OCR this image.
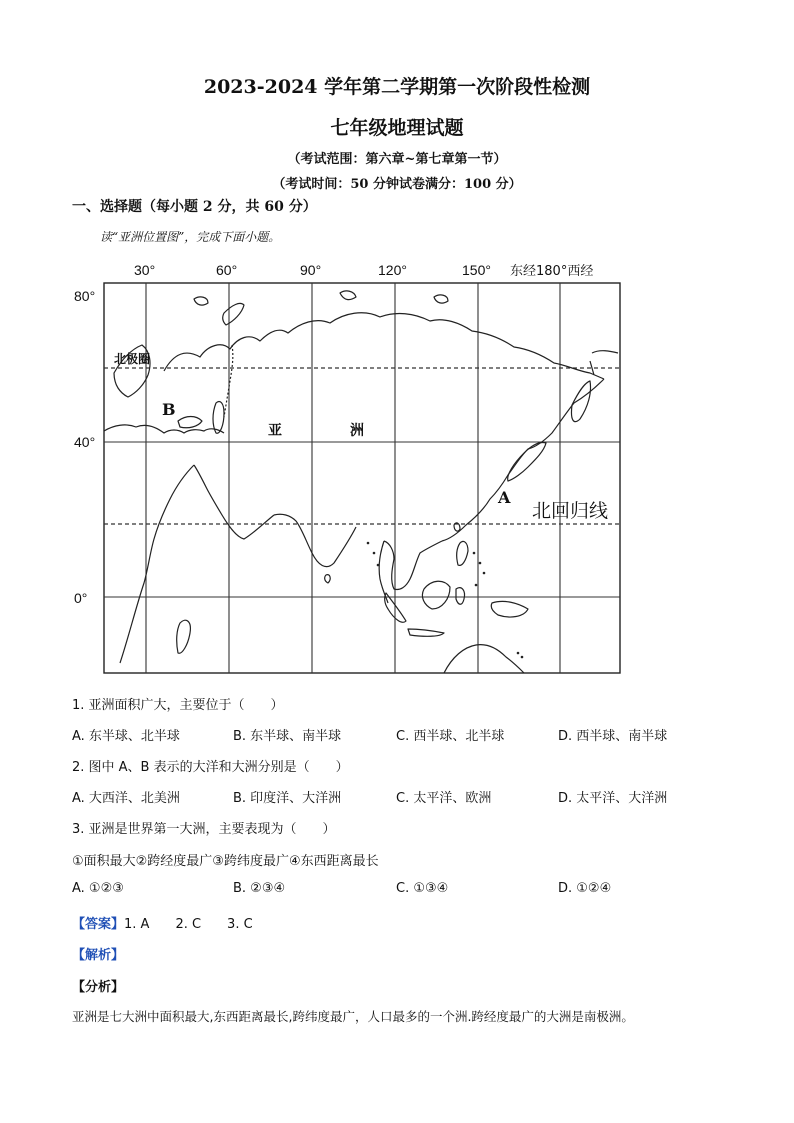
2023-2024 学年第二学期第一次阶段性检测
七年级地理试题
（考试范围：第六章~第七章第一节）
（考试时间：50 分钟试卷满分：100 分）
一、选择题（每小题 2 分，共 60 分）
读“亚洲位置图”，完成下面小题。
30°	60°	90°	120°	150° 东经180°西经
80°
40°
0°
北极圈
北回归线
B
A
亚	洲
1. 亚洲面积广大，主要位于（　　）
A. 东半球、北半球	B. 东半球、南半球	C. 西半球、北半球	D. 西半球、南半球
2. 图中 A、B 表示的大洋和大洲分别是（　　）
A. 大西洋、北美洲	B. 印度洋、大洋洲	C. 太平洋、欧洲	D. 太平洋、大洋洲
3. 亚洲是世界第一大洲，主要表现为（　　）
①面积最大②跨经度最广③跨纬度最广④东西距离最长
A. ①②③	B. ②③④	C. ①③④	D. ①②④
【答案】1. A　　2. C　　3. C
【解析】
【分析】
亚洲是七大洲中面积最大,东西距离最长,跨纬度最广，人口最多的一个洲.跨经度最广的大洲是南极洲。
